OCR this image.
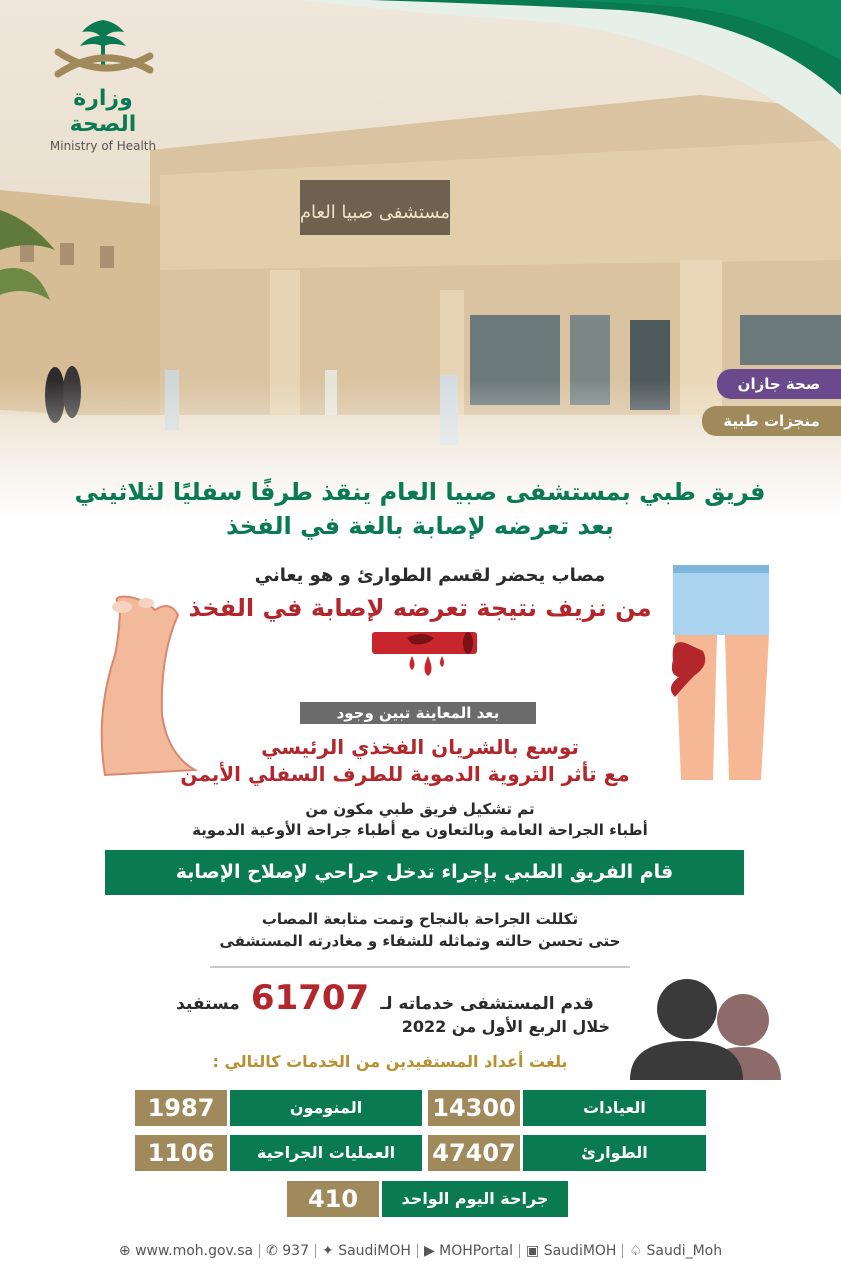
مستشفى صبيا العام
وزارة الصحة
Ministry of Health
صحة جازان
منجزات طبية
فريق طبي بمستشفى صبيا العام ينقذ طرفًا سفليًا لثلاثيني
بعد تعرضه لإصابة بالغة في الفخذ
مصاب يحضر لقسم الطوارئ و هو يعاني
من نزيف نتيجة تعرضه لإصابة في الفخذ
بعد المعاينة تبين وجود
توسع بالشريان الفخذي الرئيسي
مع تأثر التروية الدموية للطرف السفلي الأيمن
تم تشكيل فريق طبي مكون من
أطباء الجراحة العامة وبالتعاون مع أطباء جراحة الأوعية الدموية
قام الفريق الطبي بإجراء تدخل جراحي لإصلاح الإصابة
تكللت الجراحة بالنجاح وتمت متابعة المصاب
حتى تحسن حالته وتماثله للشفاء و مغادرته المستشفى
قدم المستشفى خدماته لـ 61707 مستفيد
خلال الربع الأول من 2022
بلغت أعداد المستفيدين من الخدمات كالتالي :
العيادات
14300
المنومون
1987
الطوارئ
47407
العمليات الجراحية
1106
جراحة اليوم الواحد
410
⊕ www.moh.gov.sa ✆ 937 ✦ SaudiMOH ▶ MOHPortal ▣ SaudiMOH ♤ Saudi_Moh
